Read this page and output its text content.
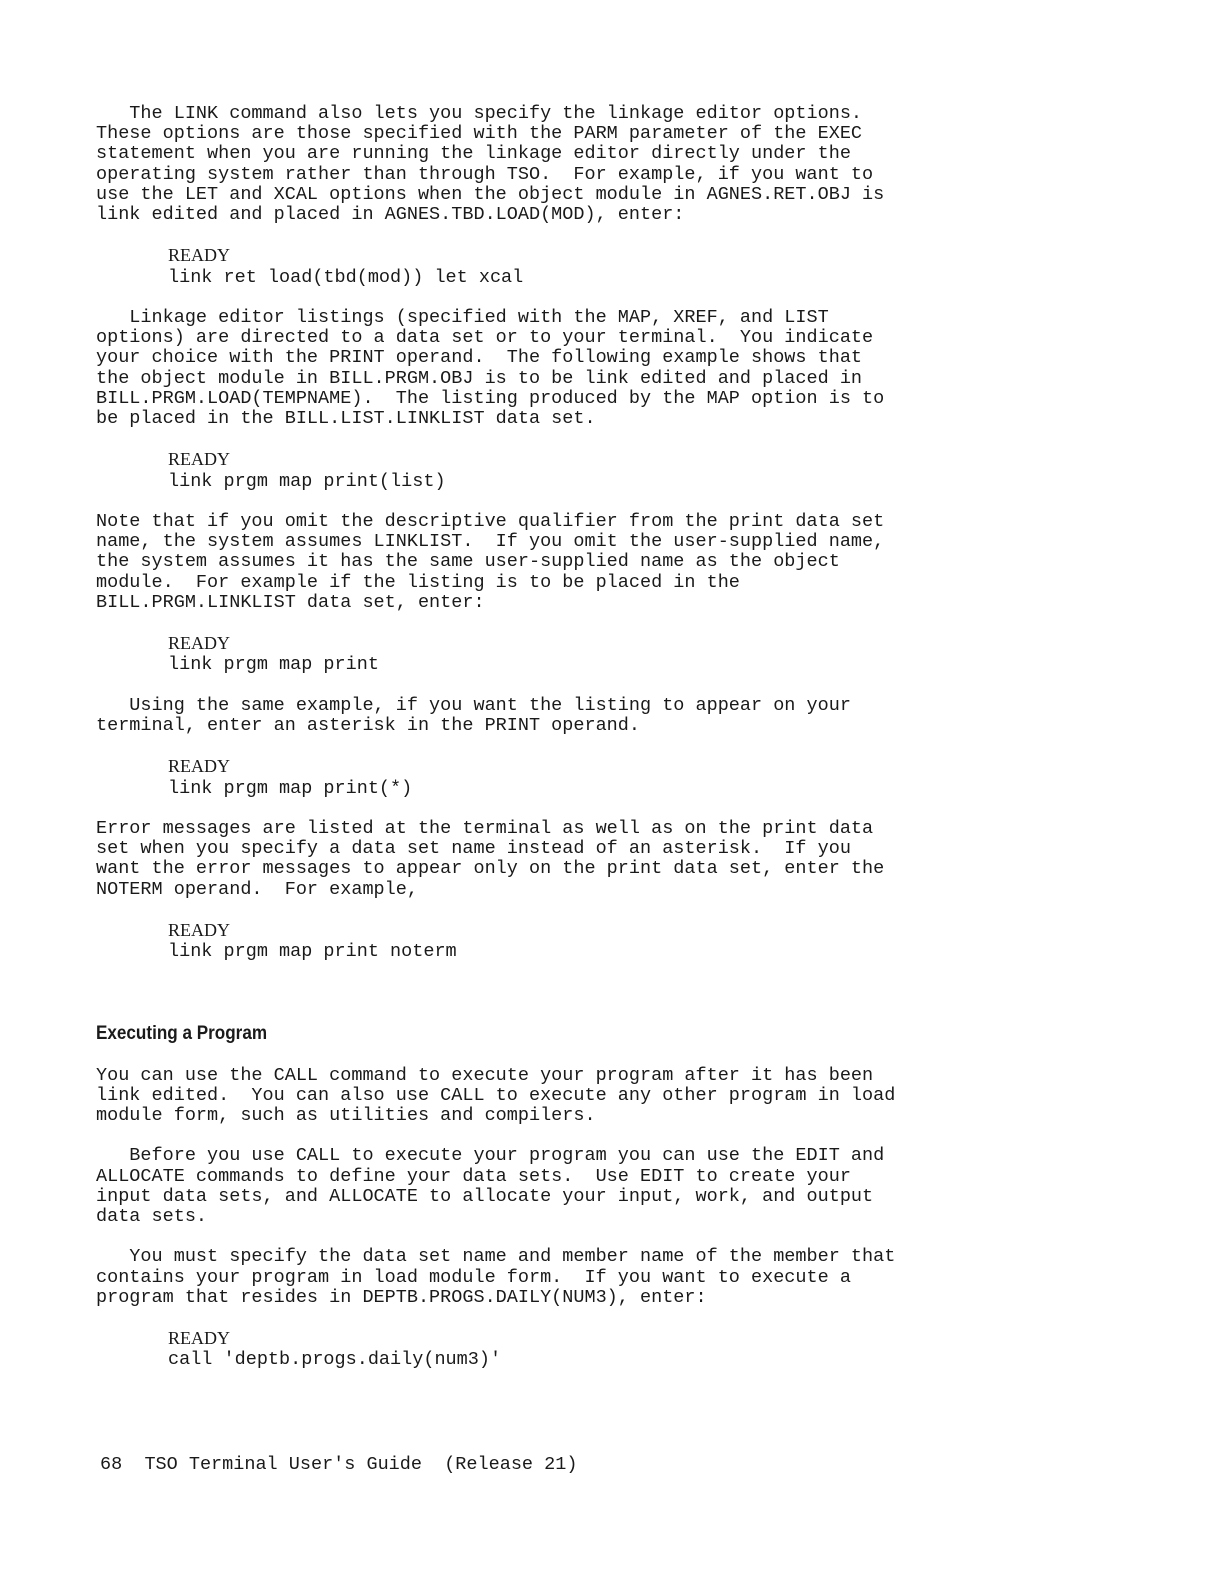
The LINK command also lets you specify the linkage editor options.
These options are those specified with the PARM parameter of the EXEC
statement when you are running the linkage editor directly under the
operating system rather than through TSO.  For example, if you want to
use the LET and XCAL options when the object module in AGNES.RET.OBJ is
link edited and placed in AGNES.TBD.LOAD(MOD), enter:

READY
link ret load(tbd(mod)) let xcal

Linkage editor listings (specified with the MAP, XREF, and LIST
options) are directed to a data set or to your terminal.  You indicate
your choice with the PRINT operand.  The following example shows that
the object module in BILL.PRGM.OBJ is to be link edited and placed in
BILL.PRGM.LOAD(TEMPNAME).  The listing produced by the MAP option is to
be placed in the BILL.LIST.LINKLIST data set.

READY
link prgm map print(list)

Note that if you omit the descriptive qualifier from the print data set
name, the system assumes LINKLIST.  If you omit the user-supplied name,
the system assumes it has the same user-supplied name as the object
module.  For example if the listing is to be placed in the
BILL.PRGM.LINKLIST data set, enter:

READY
link prgm map print

Using the same example, if you want the listing to appear on your
terminal, enter an asterisk in the PRINT operand.

READY
link prgm map print(*)

Error messages are listed at the terminal as well as on the print data
set when you specify a data set name instead of an asterisk.  If you
want the error messages to appear only on the print data set, enter the
NOTERM operand.  For example,

READY
link prgm map print noterm
Executing a Program

You can use the CALL command to execute your program after it has been
link edited.  You can also use CALL to execute any other program in load
module form, such as utilities and compilers.

Before you use CALL to execute your program you can use the EDIT and
ALLOCATE commands to define your data sets.  Use EDIT to create your
input data sets, and ALLOCATE to allocate your input, work, and output
data sets.

You must specify the data set name and member name of the member that
contains your program in load module form.  If you want to execute a
program that resides in DEPTB.PROGS.DAILY(NUM3), enter:

READY
call 'deptb.progs.daily(num3)'
68 TSO Terminal User's Guide (Release 21)
